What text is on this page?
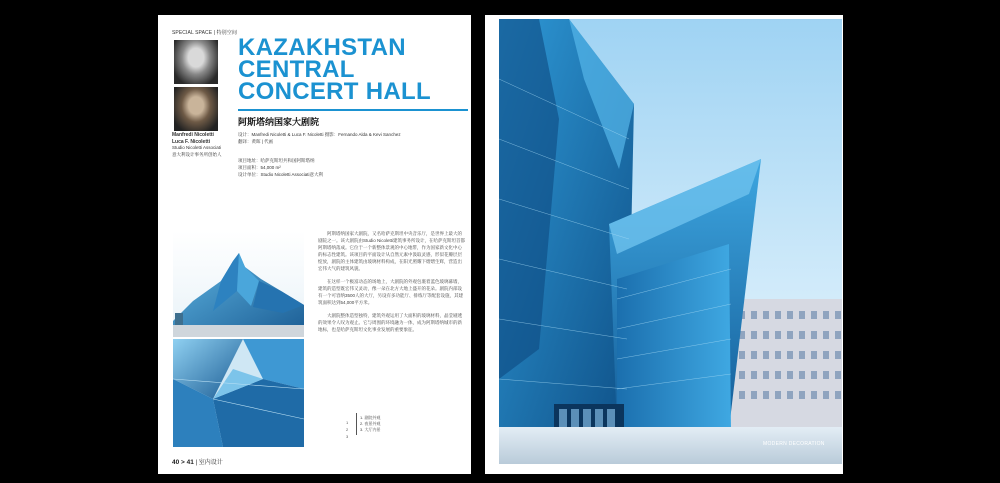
SPECIAL SPACE | 特别空间
Manfredi Nicoletti
Luca F. Nicoletti
Studio Nicoletti Associati
意大利设计事务所创始人
KAZAKHSTAN
CENTRAL
CONCERT HALL
阿斯塔纳国家大剧院
设计：Manfredi Nicoletti & Luca F. Nicoletti 摄影：Fernando Alda & Kevi Sanchez
翻译：黄晖 | 代画
项目地址：哈萨克斯坦共和国阿斯塔纳
项目面积：54,000 m²
设计单位：Studio Nicoletti Associati意大利

阿斯塔纳国家大剧院，又名哈萨克斯坦中央音乐厅，是世界上最大的剧院之一。该大剧院由Studio Nicoletti建筑事务所设计，在哈萨克斯坦首都阿斯塔纳落成。它位于一个新整体景观的中心地带，作为国家新文化中心的标志性建筑。该项目的平面设计从自然元素中汲取灵感，形似花瓣层层绽放，剧院的主体建筑由玻璃材料构成，在阳光照耀下熠熠生辉，营造出宏伟大气的建筑风貌。

在这样一个极富动态的场地上，大剧院的外观包裹着蓝色玻璃幕墙，建筑的造型既宏伟又灵动，像一朵在北方大地上盛开的花朵。剧院内部设有一个可容纳3500人的大厅，另设有多功能厅、排练厅等配套设施，其建筑面积达到54,000平方米。

大剧院整体造型独特，建筑外观运用了大面积的玻璃材料，晶莹剔透的效果令人叹为观止。它与周围的环境融为一体，成为阿斯塔纳城市的新地标，也是哈萨克斯坦文化事业发展的重要象征。

1
2
3
1. 剧院外观
2. 夜景外观
3. 大厅内景
40 > 41 | 室内设计
MODERN DECORATION
